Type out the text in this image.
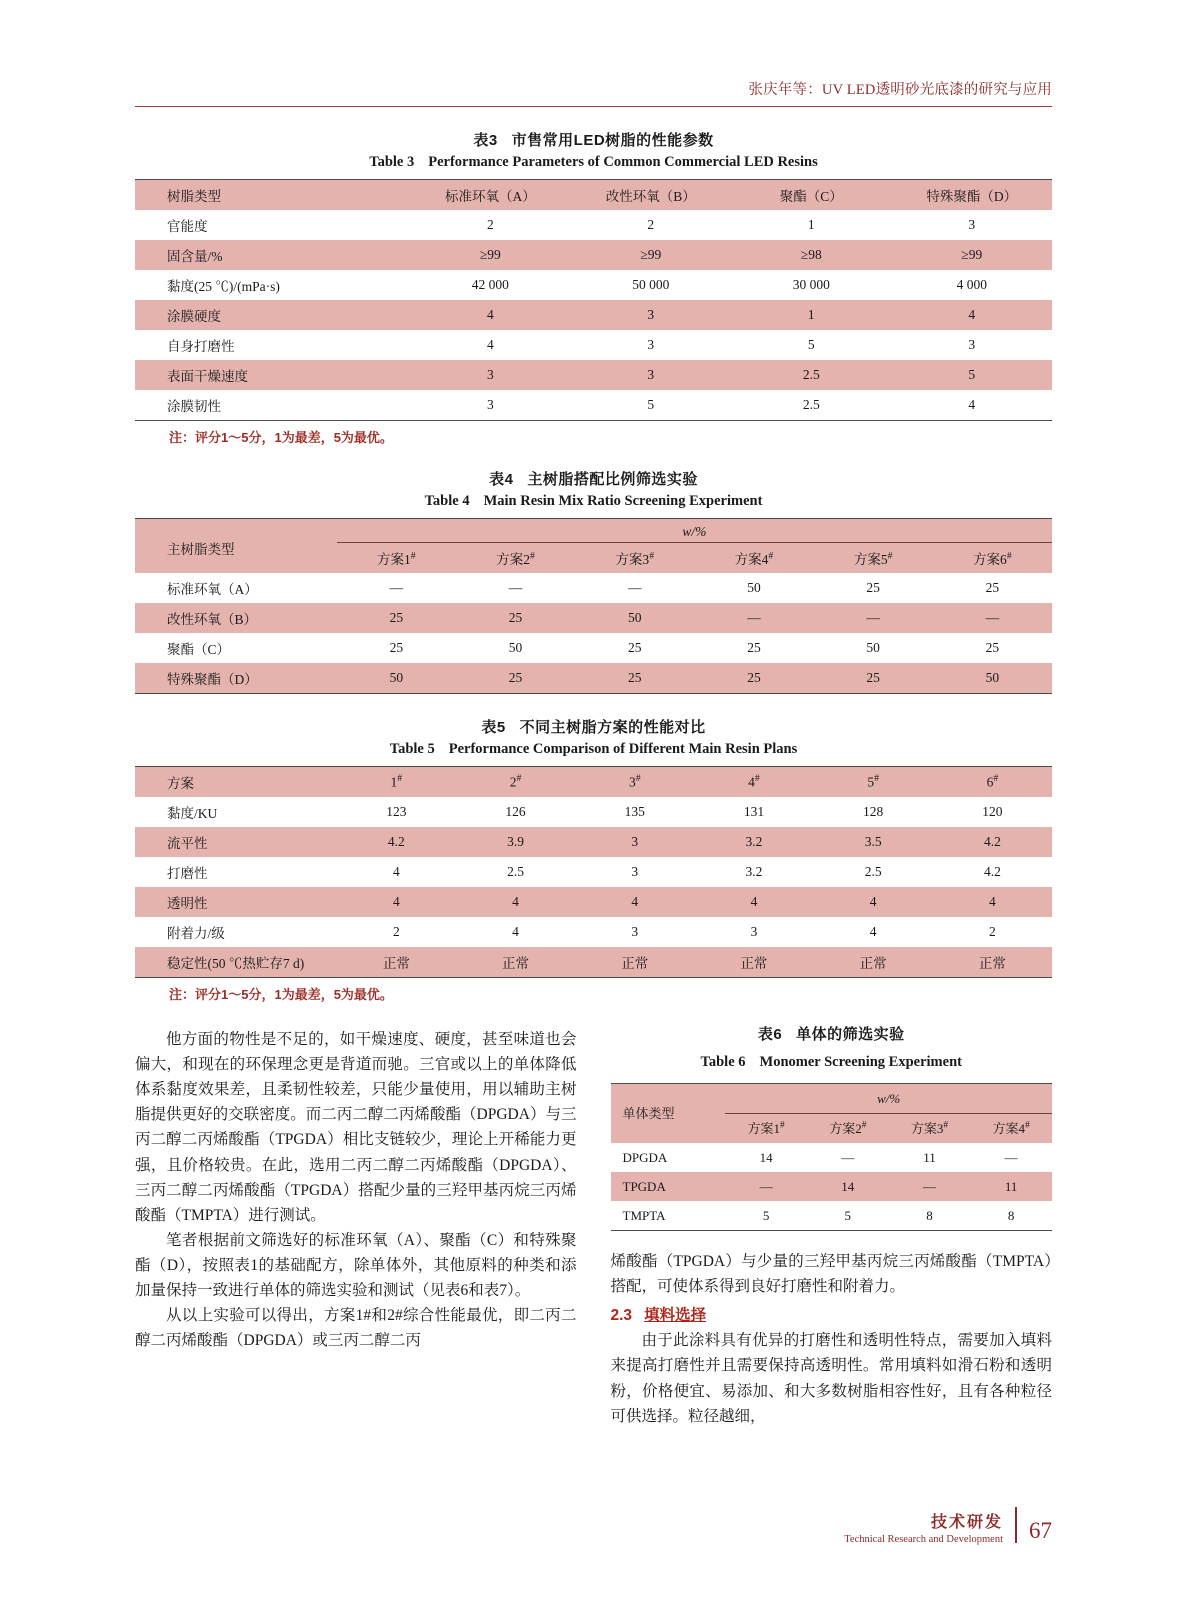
张庆年等：UV LED透明砂光底漆的研究与应用
表3 市售常用LED树脂的性能参数
Table 3 Performance Parameters of Common Commercial LED Resins
树脂类型	标准环氧（A）	改性环氧（B）	聚酯（C）	特殊聚酯（D）
官能度	2	2	1	3
固含量/%	≥99	≥99	≥98	≥99
黏度(25 ℃)/(mPa·s)	42 000	50 000	30 000	4 000
涂膜硬度	4	3	1	4
自身打磨性	4	3	5	3
表面干燥速度	3	3	2.5	5
涂膜韧性	3	5	2.5	4
注：评分1～5分，1为最差，5为最优。
表4 主树脂搭配比例筛选实验
Table 4 Main Resin Mix Ratio Screening Experiment
主树脂类型	w/%					
	方案1#	方案2#	方案3#	方案4#	方案5#	方案6#
标准环氧（A）	—	—	—	50	25	25
改性环氧（B）	25	25	50	—	—	—
聚酯（C）	25	50	25	25	50	25
特殊聚酯（D）	50	25	25	25	25	50
表5 不同主树脂方案的性能对比
Table 5 Performance Comparison of Different Main Resin Plans
方案	1#	2#	3#	4#	5#	6#
黏度/KU	123	126	135	131	128	120
流平性	4.2	3.9	3	3.2	3.5	4.2
打磨性	4	2.5	3	3.2	2.5	4.2
透明性	4	4	4	4	4	4
附着力/级	2	4	3	3	4	2
稳定性(50 ℃热贮存7 d)	正常	正常	正常	正常	正常	正常
注：评分1～5分，1为最差，5为最优。

他方面的物性是不足的，如干燥速度、硬度，甚至味道也会偏大，和现在的环保理念更是背道而驰。三官或以上的单体降低体系黏度效果差，且柔韧性较差，只能少量使用，用以辅助主树脂提供更好的交联密度。而二丙二醇二丙烯酸酯（DPGDA）与三丙二醇二丙烯酸酯（TPGDA）相比支链较少，理论上开稀能力更强，且价格较贵。在此，选用二丙二醇二丙烯酸酯（DPGDA）、三丙二醇二丙烯酸酯（TPGDA）搭配少量的三羟甲基丙烷三丙烯酸酯（TMPTA）进行测试。

笔者根据前文筛选好的标准环氧（A）、聚酯（C）和特殊聚酯（D），按照表1的基础配方，除单体外，其他原料的种类和添加量保持一致进行单体的筛选实验和测试（见表6和表7）。

从以上实验可以得出，方案1#和2#综合性能最优，即二丙二醇二丙烯酸酯（DPGDA）或三丙二醇二丙

表6 单体的筛选实验
Table 6 Monomer Screening Experiment
单体类型	w/%			
	方案1#	方案2#	方案3#	方案4#
DPGDA	14	—	11	—
TPGDA	—	14	—	11
TMPTA	5	5	8	8

烯酸酯（TPGDA）与少量的三羟甲基丙烷三丙烯酸酯（TMPTA）搭配，可使体系得到良好打磨性和附着力。

2.3 填料选择

由于此涂料具有优异的打磨性和透明性特点，需要加入填料来提高打磨性并且需要保持高透明性。常用填料如滑石粉和透明粉，价格便宜、易添加、和大多数树脂相容性好，且有各种粒径可供选择。粒径越细，

技术研发
Technical Research and Development 67
